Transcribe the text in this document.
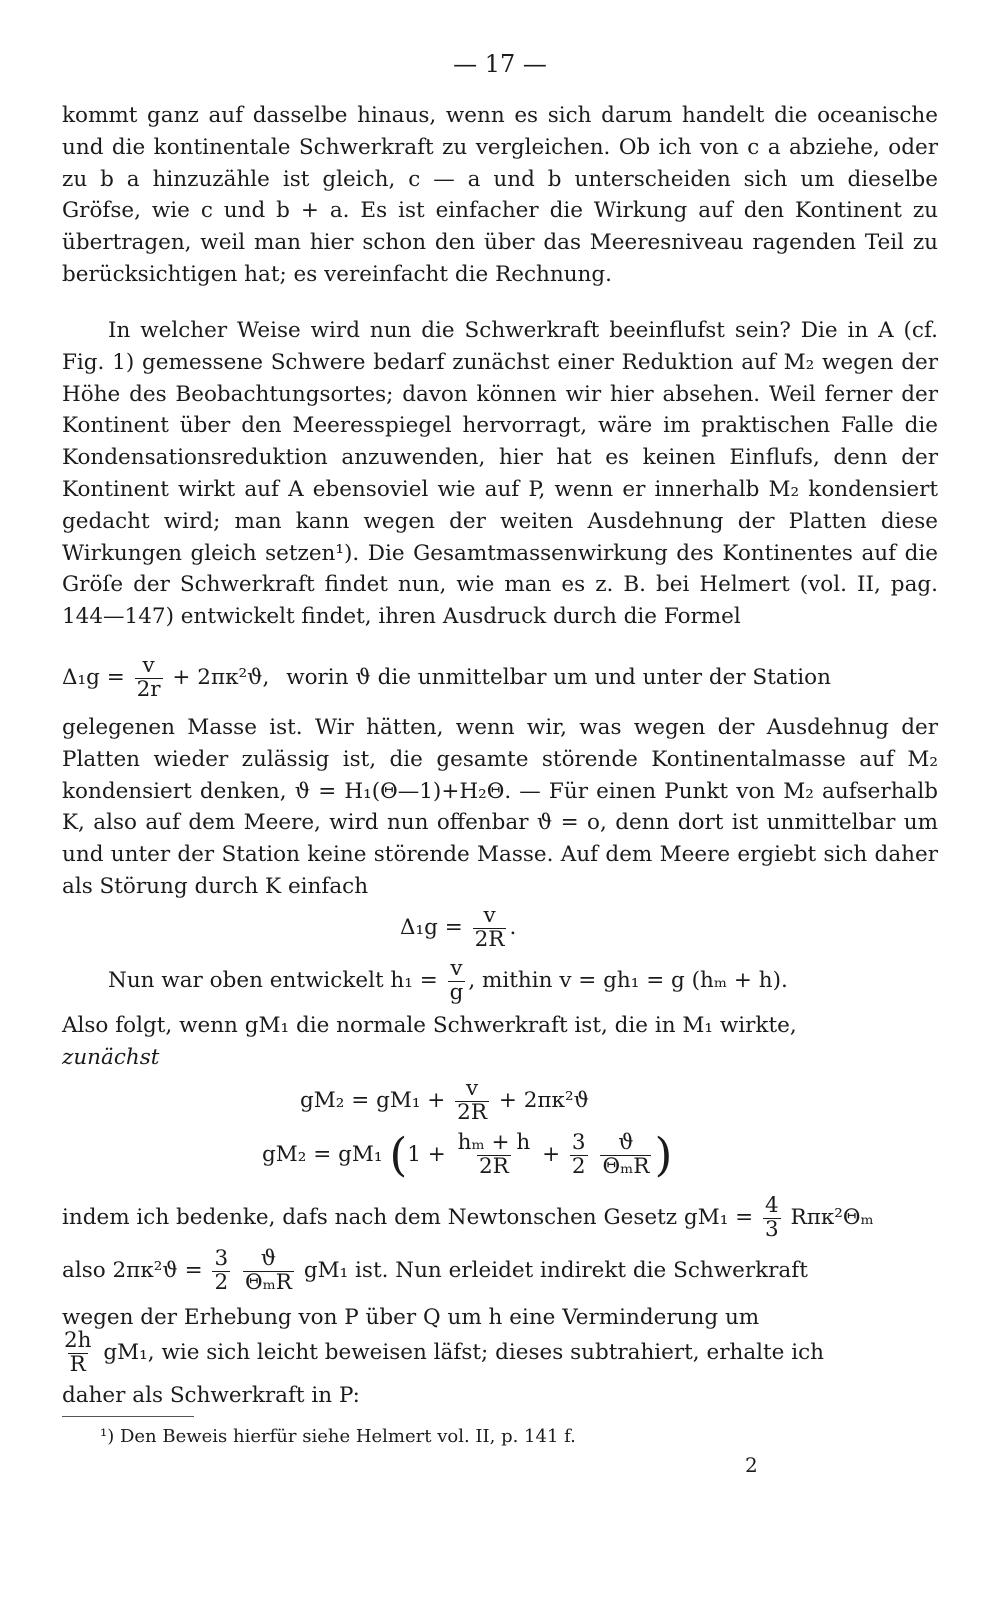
— 17 —
kommt ganz auf dasselbe hinaus, wenn es sich darum handelt die oceanische und die kontinentale Schwerkraft zu vergleichen. Ob ich von c a abziehe, oder zu b a hinzuzähle ist gleich, c — a und b unterscheiden sich um dieselbe Gröfse, wie c und b + a. Es ist einfacher die Wirkung auf den Kontinent zu übertragen, weil man hier schon den über das Meeresniveau ragenden Teil zu berücksichtigen hat; es vereinfacht die Rechnung.
In welcher Weise wird nun die Schwerkraft beeinflufst sein? Die in A (cf. Fig. 1) gemessene Schwere bedarf zunächst einer Reduktion auf M₂ wegen der Höhe des Beobachtungsortes; davon können wir hier absehen. Weil ferner der Kontinent über den Meeresspiegel hervorragt, wäre im praktischen Falle die Kondensationsreduktion anzuwenden, hier hat es keinen Einflufs, denn der Kontinent wirkt auf A ebensoviel wie auf P, wenn er innerhalb M₂ kondensiert gedacht wird; man kann wegen der weiten Ausdehnung der Platten diese Wirkungen gleich setzen¹). Die Gesamtmassenwirkung des Kontinentes auf die Gröſe der Schwerkraft findet nun, wie man es z. B. bei Helmert (vol. II, pag. 144—147) entwickelt findet, ihren Ausdruck durch die Formel
$\Delta_1g = \frac{v}{2r} + 2\pi\kappa^2ϑ$, worin ϑ die unmittelbar um und unter der Station
gelegenen Masse ist. Wir hätten, wenn wir, was wegen der Ausdehnug der Platten wieder zulässig ist, die gesamte störende Kontinentalmasse auf M₂ kondensiert denken, ϑ = H₁(Θ—1)+H₂Θ. — Für einen Punkt von M₂ aufserhalb K, also auf dem Meere, wird nun offenbar ϑ = o, denn dort ist unmittelbar um und unter der Station keine störende Masse. Auf dem Meere ergiebt sich daher als Störung durch K einfach
$\Delta_1g = \frac{v}{2R}$ .
Nun war oben entwickelt $h_1 = \frac{v}{g}$ , mithin v = gh₁ = g (hₘ + h).
Also folgt, wenn gM₁ die normale Schwerkraft ist, die in M₁ wirkte,
zunächst
$gM_2 = gM_1 + \frac{v}{2R} + 2\pi\kappa^2ϑ$
gM₂ = gM₁ ($1 + \frac{\text{hₘ + h}}{2R} + \frac{3}{2}$
$\frac{ϑ}{\text{ΘₘR}}$ )
indem ich bedenke, dafs nach dem Newtonschen Gesetz $gM_1 = \frac{4}{3} R\pi\kappa^2\Theta_m$
also $2\pi\kappa^2ϑ = \frac{3}{2}$
$\frac{ϑ}{\text{ΘₘR}} gM_1$ ist. Nun erleidet indirekt die Schwerkraft
wegen der Erhebung von P über Q um h eine Verminderung um
$\frac{2h}{R} gM_1$, wie sich leicht beweisen läfst; dieses subtrahiert, erhalte ich
daher als Schwerkraft in P:
¹) Den Beweis hierfür siehe Helmert vol. II, p. 141 f.
2
